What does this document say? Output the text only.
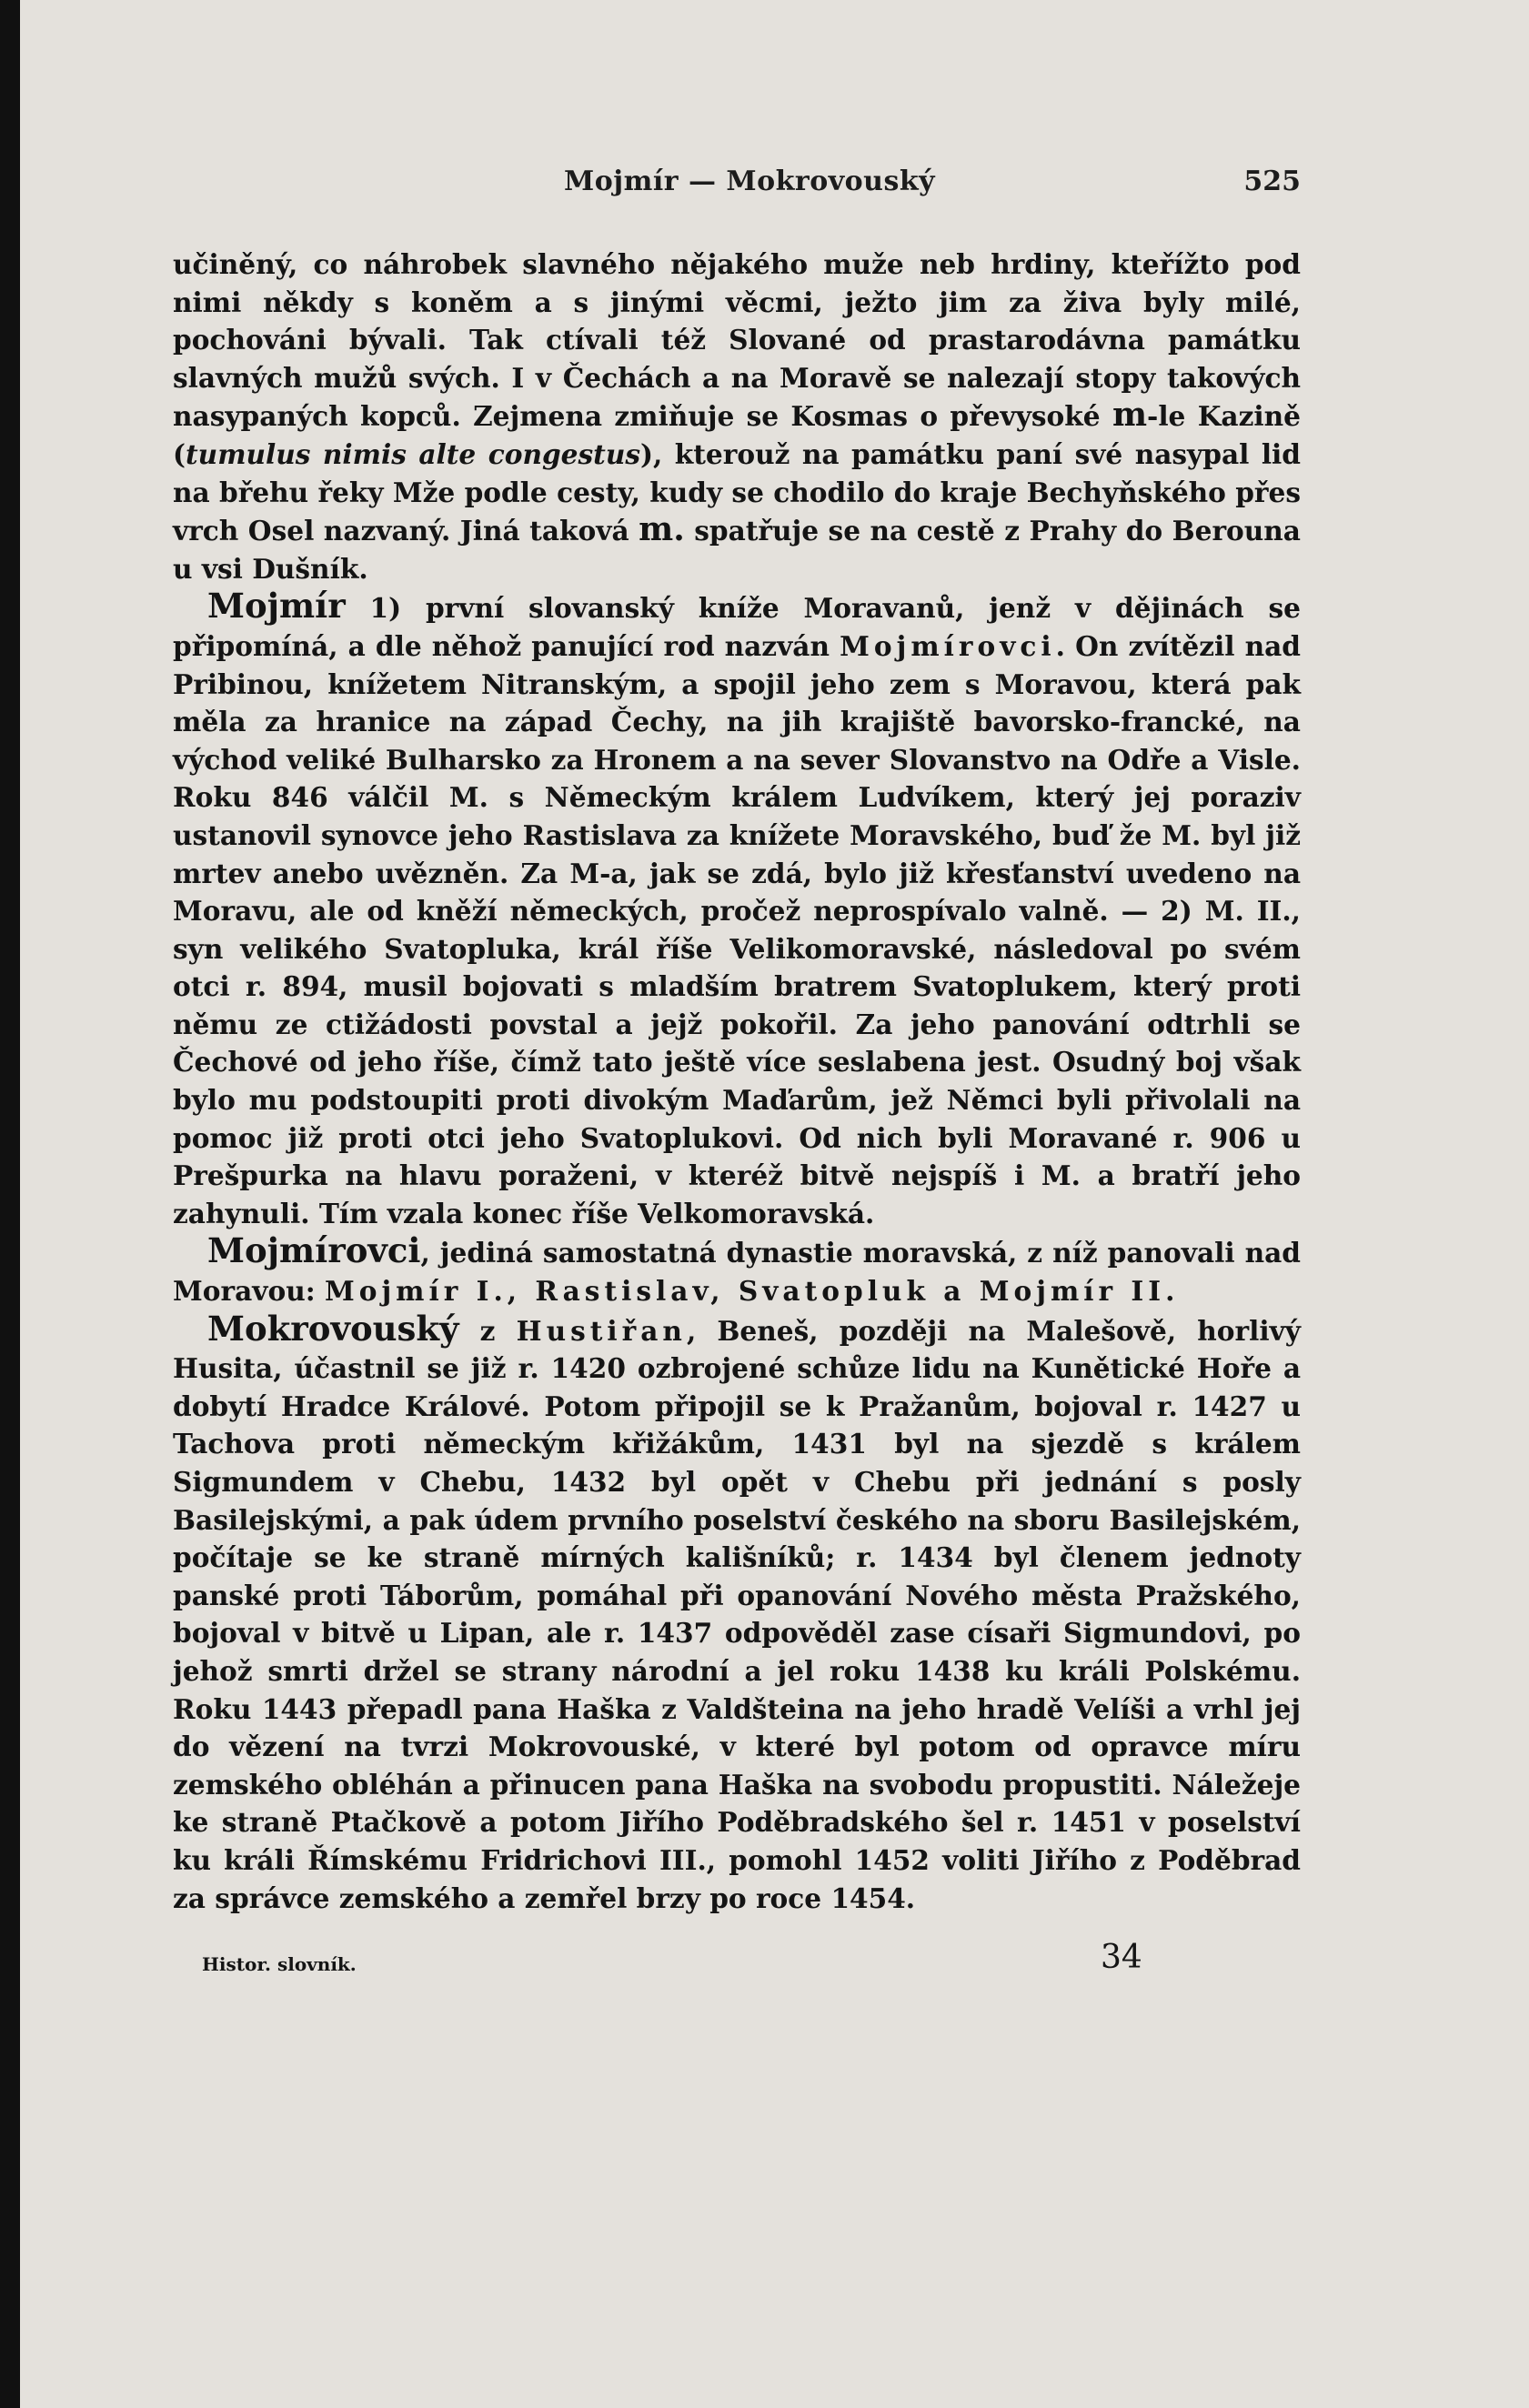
Mojmír — Mokrovouský	525

učiněný, co náhrobek slavného nějakého muže neb hrdiny, kteřížto pod nimi někdy s koněm a s jinými věcmi, ježto jim za živa byly milé, pochováni bývali. Tak ctívali též Slované od prastarodávna památku slavných mužů svých. I v Čechách a na Moravě se nalezají stopy takových nasypaných kopců. Zejmena zmiňuje se Kosmas o převysoké m-le Kazině (tumulus nimis alte congestus), kterouž na památku paní své nasypal lid na břehu řeky Mže podle cesty, kudy se chodilo do kraje Bechyňského přes vrch Osel nazvaný. Jiná taková m. spatřuje se na cestě z Prahy do Berouna u vsi Dušník.

Mojmír 1) první slovanský kníže Moravanů, jenž v dějinách se připomíná, a dle něhož panující rod nazván Mojmírovci. On zvítězil nad Pribinou, knížetem Nitranským, a spojil jeho zem s Moravou, která pak měla za hranice na západ Čechy, na jih krajiště bavorsko-francké, na východ veliké Bulharsko za Hronem a na sever Slovanstvo na Odře a Visle. Roku 846 válčil M. s Německým králem Ludvíkem, který jej poraziv ustanovil synovce jeho Rastislava za knížete Moravského, buď že M. byl již mrtev anebo uvězněn. Za M-a, jak se zdá, bylo již křesťanství uvedeno na Moravu, ale od kněží německých, pročež neprospívalo valně. — 2) M. II., syn velikého Svatopluka, král říše Velikomoravské, následoval po svém otci r. 894, musil bojovati s mladším bratrem Svatoplukem, který proti němu ze ctižádosti povstal a jejž pokořil. Za jeho panování odtrhli se Čechové od jeho říše, čímž tato ještě více seslabena jest. Osudný boj však bylo mu podstoupiti proti divokým Maďarům, jež Němci byli přivolali na pomoc již proti otci jeho Svatoplukovi. Od nich byli Moravané r. 906 u Prešpurka na hlavu poraženi, v kteréž bitvě nejspíš i M. a bratří jeho zahynuli. Tím vzala konec říše Velkomoravská.

Mojmírovci, jediná samostatná dynastie moravská, z níž panovali nad Moravou: Mojmír I., Rastislav, Svatopluk a Mojmír II.

Mokrovouský z Hustiřan, Beneš, později na Malešově, horlivý Husita, účastnil se již r. 1420 ozbrojené schůze lidu na Kunětické Hoře a dobytí Hradce Králové. Potom připojil se k Pražanům, bojoval r. 1427 u Tachova proti německým křižákům, 1431 byl na sjezdě s králem Sigmundem v Chebu, 1432 byl opět v Chebu při jednání s posly Basilejskými, a pak údem prvního poselství českého na sboru Basilejském, počítaje se ke straně mírných kališníků; r. 1434 byl členem jednoty panské proti Táborům, pomáhal při opanování Nového města Pražského, bojoval v bitvě u Lipan, ale r. 1437 odpověděl zase císaři Sigmundovi, po jehož smrti držel se strany národní a jel roku 1438 ku králi Polskému. Roku 1443 přepadl pana Haška z Valdšteina na jeho hradě Velíši a vrhl jej do vězení na tvrzi Mokrovouské, v které byl potom od opravce míru zemského obléhán a přinucen pana Haška na svobodu propustiti. Náležeje ke straně Ptačkově a potom Jiřího Poděbradského šel r. 1451 v poselství ku králi Římskému Fridrichovi III., pomohl 1452 voliti Jiřího z Poděbrad za správce zemského a zemřel brzy po roce 1454.

Histor. slovník.	34
